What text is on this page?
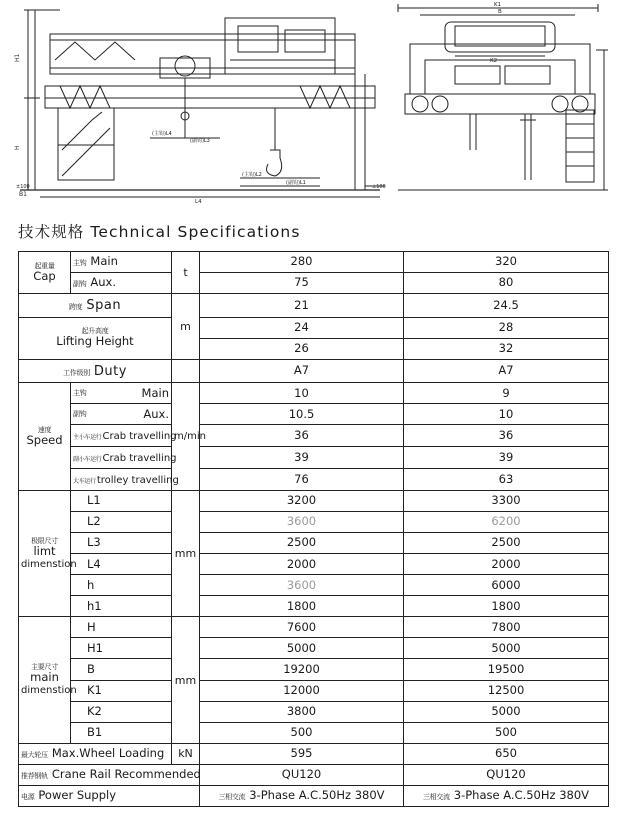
H1
H
B1
±100	±100
L4
(主钩)L4
(副钩)L3
(主钩)L2
(副钩)L1
K1
K2
B
技术规格 Technical Specifications
起重量
Cap	主钩 Main	t	280	320
	副钩 Aux.		75	80
跨度 Span		m	21	24.5

起升高度
Lifting Height			24	28
			26	32
工作级别 Duty			A7	A7

速度
Speed	主钩 Main	m/min	10	9

	副钩 Aux.		10.5	10
	主小车运行Crab travelling		36	36
	副小车运行Crab travelling		39	39
	大车运行trolley travelling		76	63

极限尺寸
limt
dimenstion	L1	mm	3200	3300
	L2		3600	6200
	L3		2500	2500
	L4		2000	2000
	h		3600	6000
	h1		1800	1800

主要尺寸
main
dimenstion	H	mm	7600	7800
	H1		5000	5000
	B		19200	19500
	K1		12000	12500
	K2		3800	5000
	B1		500	500
最大轮压 Max.Wheel Loading		kN	595	650
推荐钢轨 Crane Rail Recommended			QU120	QU120
电源 Power Supply			三相交流 3-Phase A.C.50Hz 380V	三相交流 3-Phase A.C.50Hz 380V
